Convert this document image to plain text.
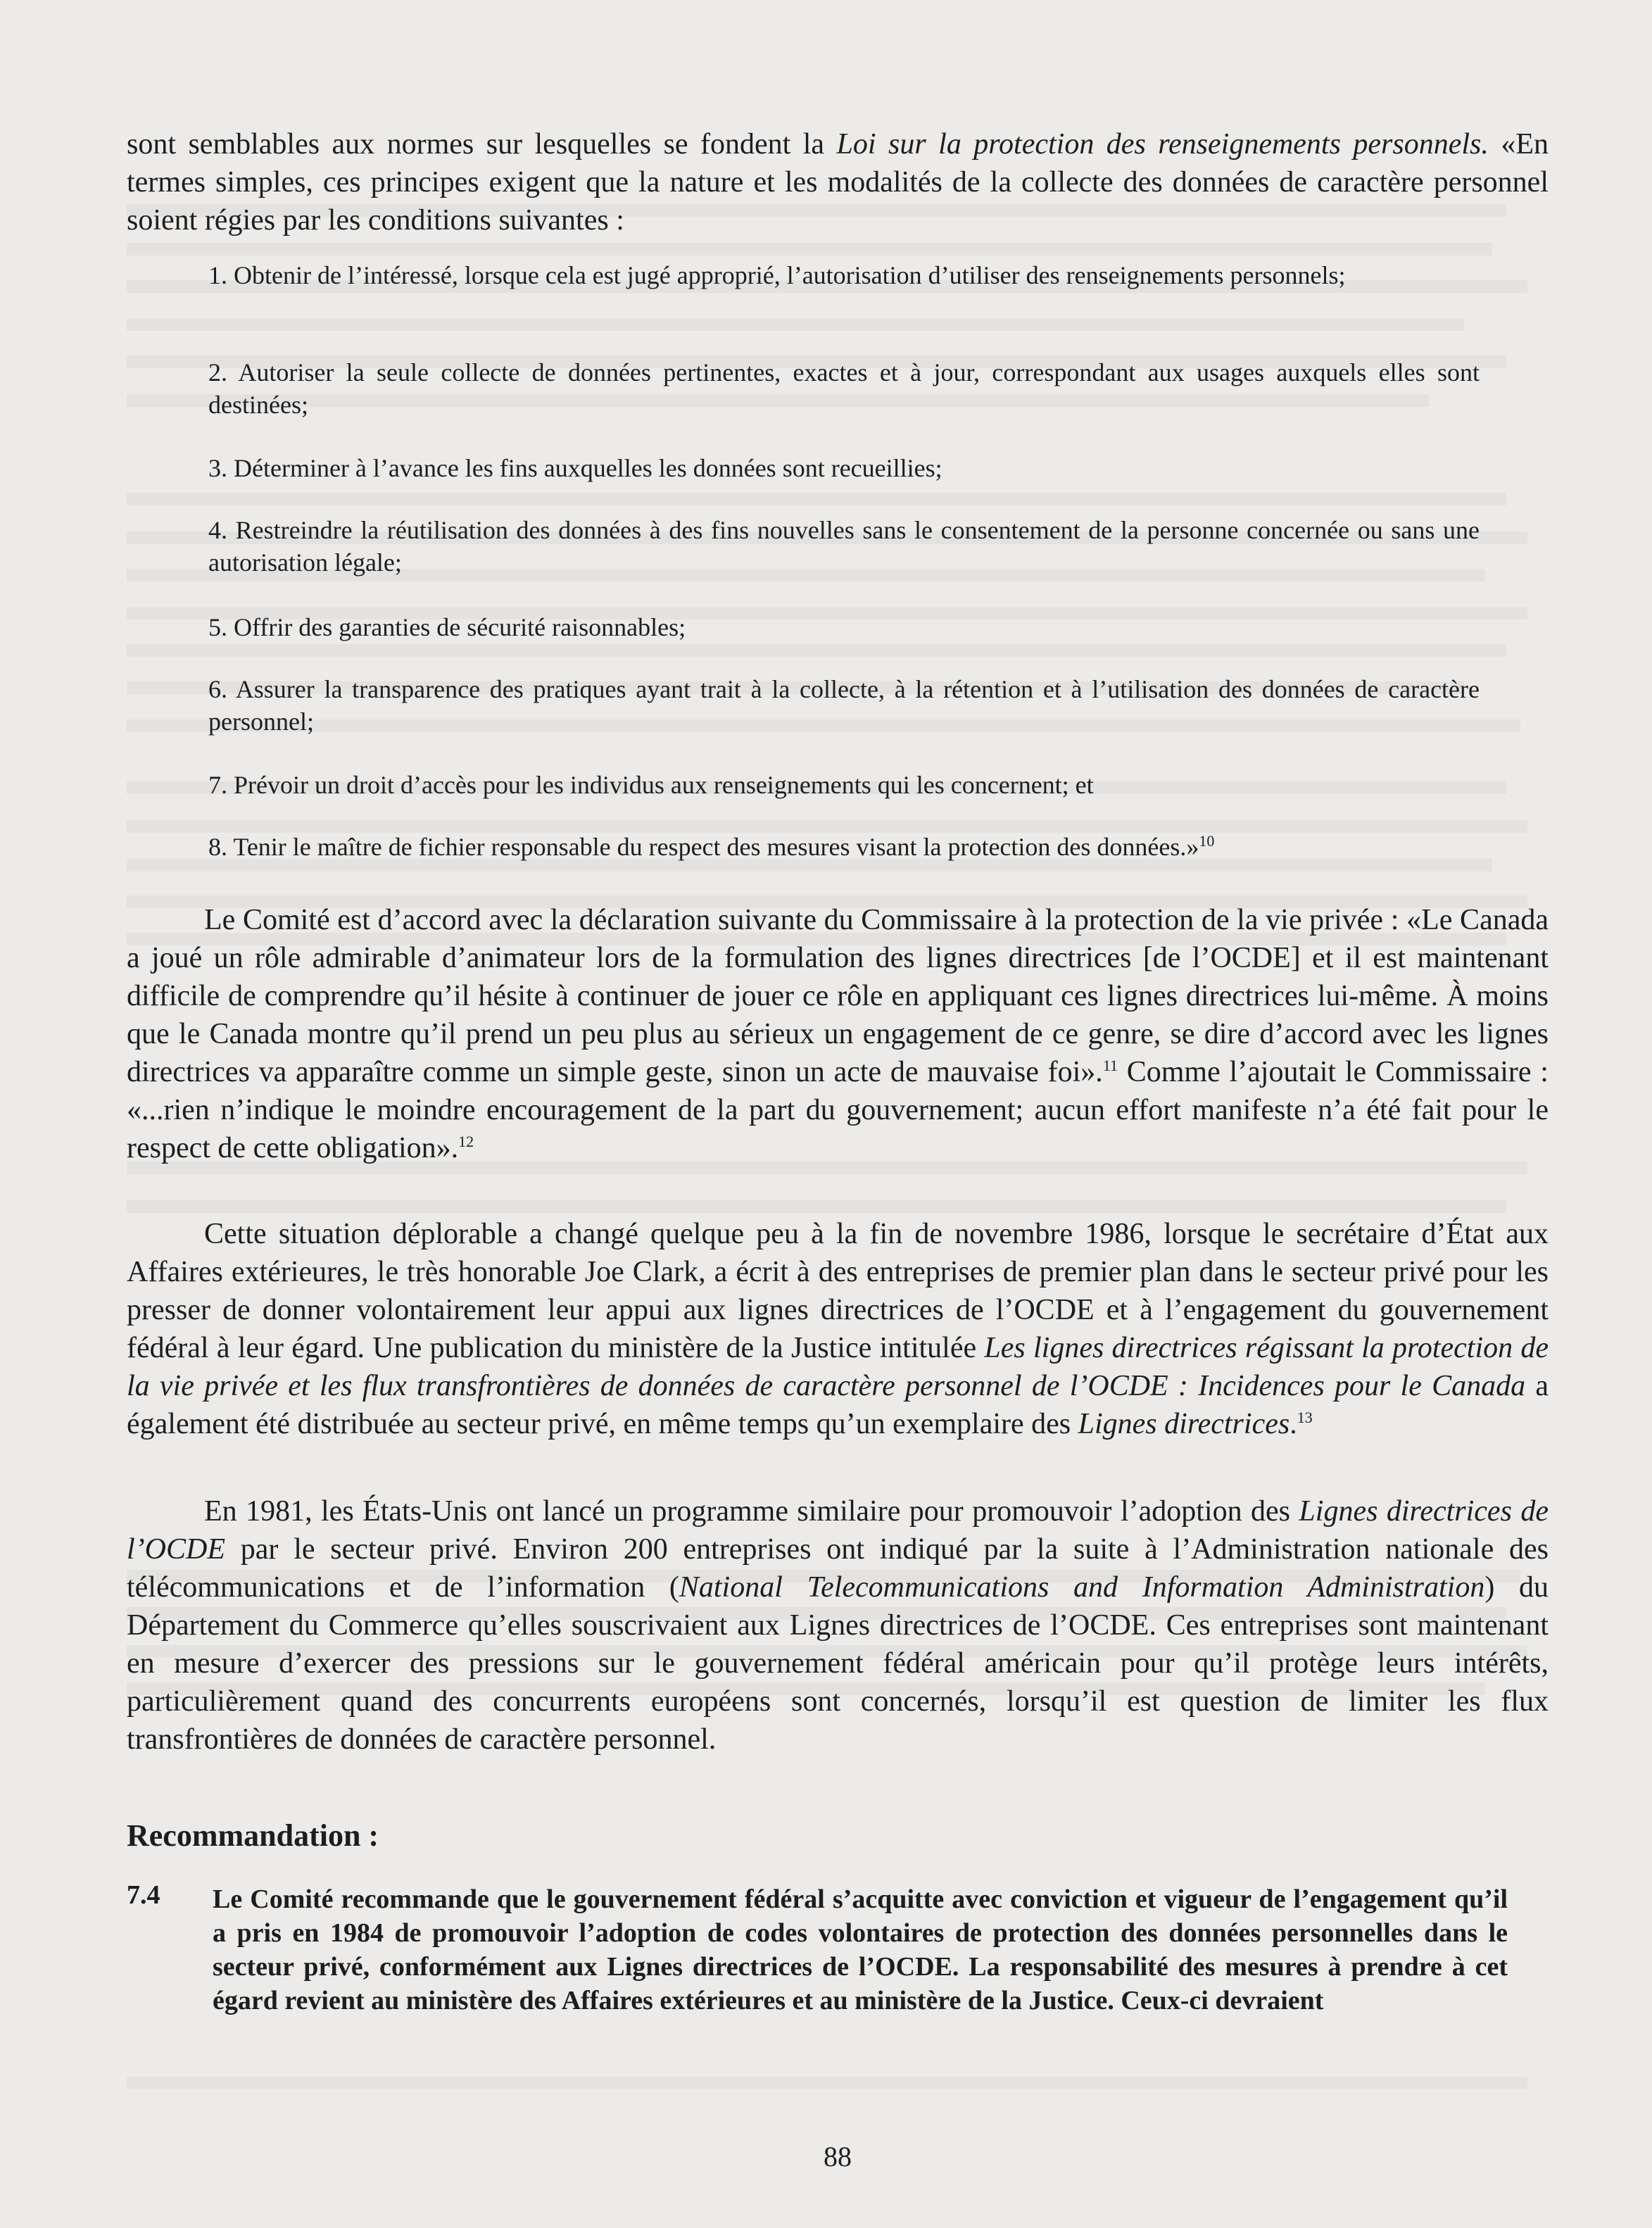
sont semblables aux normes sur lesquelles se fondent la Loi sur la protection des renseignements personnels. «En termes simples, ces principes exigent que la nature et les modalités de la collecte des données de caractère personnel soient régies par les conditions suivantes :

1. Obtenir de l’intéressé, lorsque cela est jugé approprié, l’autorisation d’utiliser des renseignements personnels;

2. Autoriser la seule collecte de données pertinentes, exactes et à jour, correspondant aux usages auxquels elles sont destinées;

3. Déterminer à l’avance les fins auxquelles les données sont recueillies;

4. Restreindre la réutilisation des données à des fins nouvelles sans le consentement de la personne concernée ou sans une autorisation légale;

5. Offrir des garanties de sécurité raisonnables;

6. Assurer la transparence des pratiques ayant trait à la collecte, à la rétention et à l’utilisation des données de caractère personnel;

7. Prévoir un droit d’accès pour les individus aux renseignements qui les concernent; et

8. Tenir le maître de fichier responsable du respect des mesures visant la protection des données.»$^{10}$

Le Comité est d’accord avec la déclaration suivante du Commissaire à la protection de la vie privée : «Le Canada a joué un rôle admirable d’animateur lors de la formulation des lignes directrices [de l’OCDE] et il est maintenant difficile de comprendre qu’il hésite à continuer de jouer ce rôle en appliquant ces lignes directrices lui-même. À moins que le Canada montre qu’il prend un peu plus au sérieux un engagement de ce genre, se dire d’accord avec les lignes directrices va apparaître comme un simple geste, sinon un acte de mauvaise foi».$^{11}$ Comme l’ajoutait le Commissaire : «...rien n’indique le moindre encouragement de la part du gouvernement; aucun effort manifeste n’a été fait pour le respect de cette obligation».$^{12}$

Cette situation déplorable a changé quelque peu à la fin de novembre 1986, lorsque le secrétaire d’État aux Affaires extérieures, le très honorable Joe Clark, a écrit à des entreprises de premier plan dans le secteur privé pour les presser de donner volontairement leur appui aux lignes directrices de l’OCDE et à l’engagement du gouvernement fédéral à leur égard. Une publication du ministère de la Justice intitulée Les lignes directrices régissant la protection de la vie privée et les flux transfrontières de données de caractère personnel de l’OCDE : Incidences pour le Canada a également été distribuée au secteur privé, en même temps qu’un exemplaire des Lignes directrices.$^{13}$

En 1981, les États-Unis ont lancé un programme similaire pour promouvoir l’adoption des Lignes directrices de l’OCDE par le secteur privé. Environ 200 entreprises ont indiqué par la suite à l’Administration nationale des télécommunications et de l’information (National Telecommunications and Information Administration) du Département du Commerce qu’elles souscrivaient aux Lignes directrices de l’OCDE. Ces entreprises sont maintenant en mesure d’exercer des pressions sur le gouvernement fédéral américain pour qu’il protège leurs intérêts, particulièrement quand des concurrents européens sont concernés, lorsqu’il est question de limiter les flux transfrontières de données de caractère personnel.

Recommandation :

7.4 Le Comité recommande que le gouvernement fédéral s’acquitte avec conviction et vigueur de l’engagement qu’il a pris en 1984 de promouvoir l’adoption de codes volontaires de protection des données personnelles dans le secteur privé, conformément aux Lignes directrices de l’OCDE. La responsabilité des mesures à prendre à cet égard revient au ministère des Affaires extérieures et au ministère de la Justice. Ceux-ci devraient

88
